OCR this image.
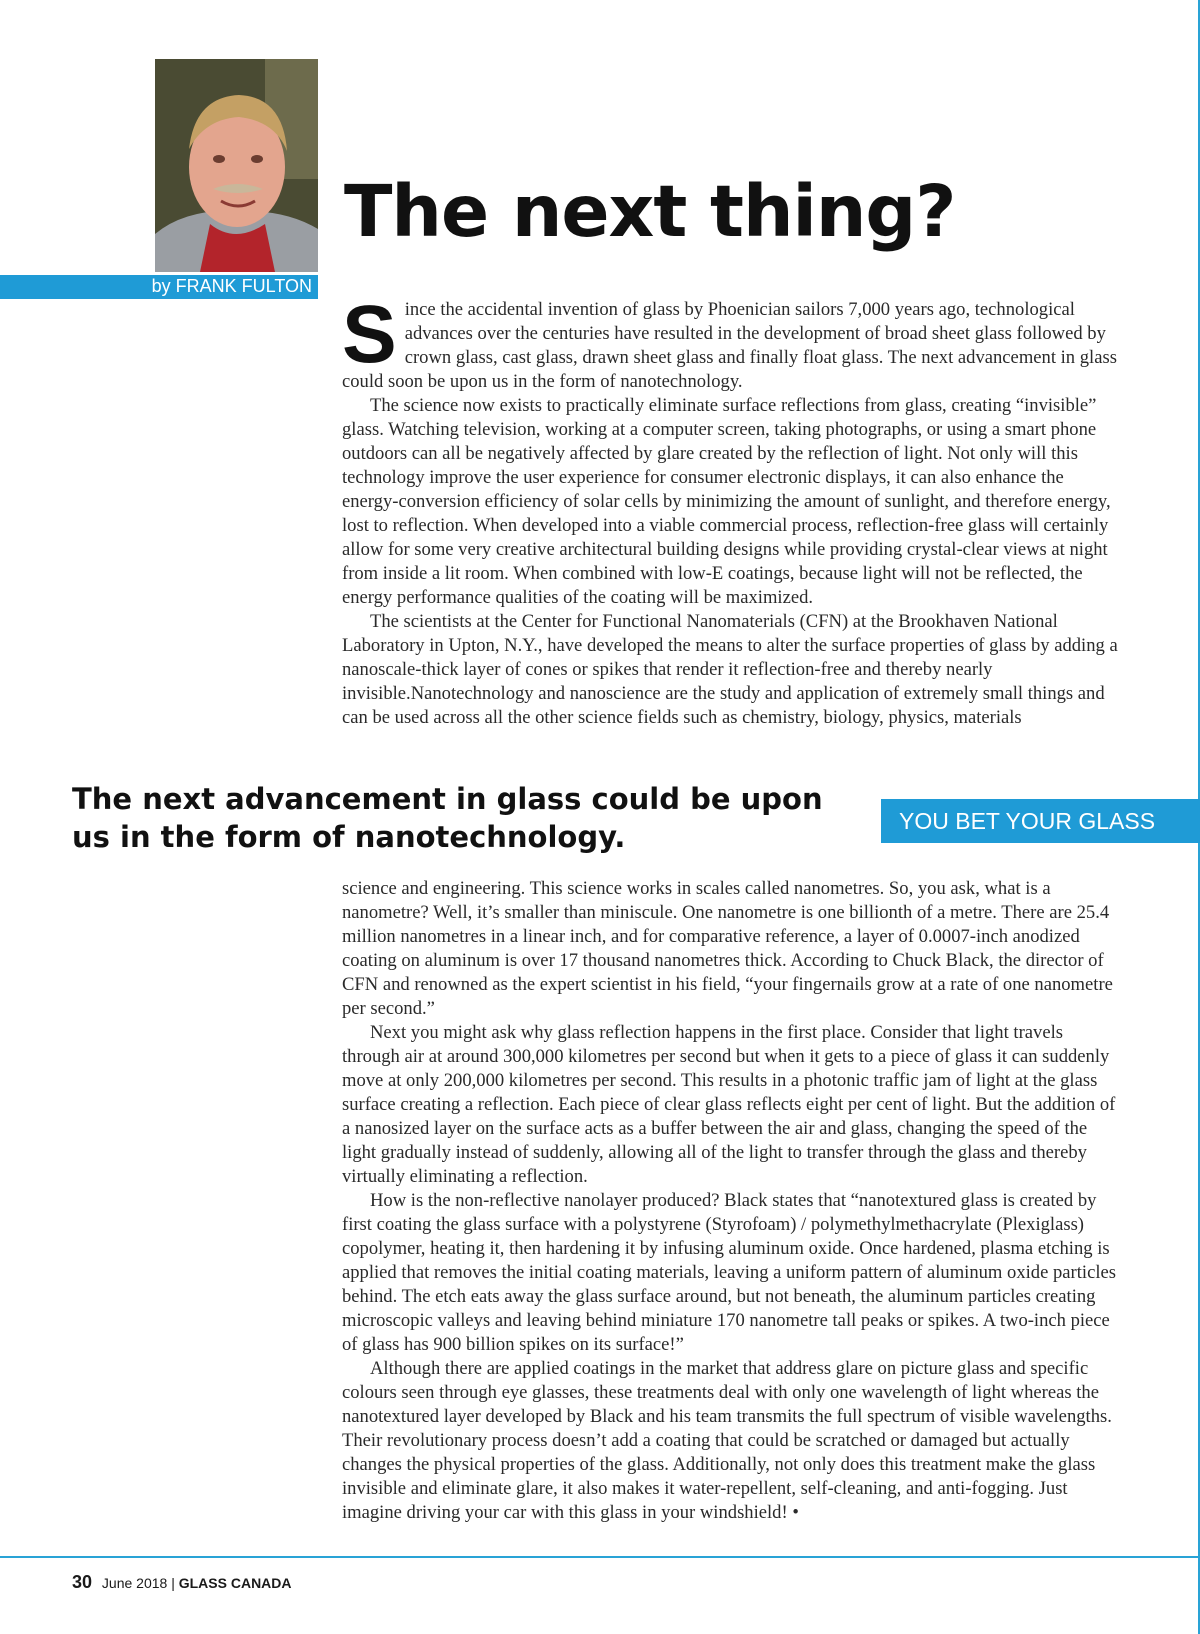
by FRANK FULTON
The next thing?

Since the accidental invention of glass by Phoenician sailors 7,000 years ago, technological advances over the centuries have resulted in the development of broad sheet glass followed by crown glass, cast glass, drawn sheet glass and finally float glass. The next advancement in glass could soon be upon us in the form of nanotechnology.

The science now exists to practically eliminate surface reflections from glass, creating “invisible” glass. Watching television, working at a computer screen, taking photographs, or using a smart phone outdoors can all be negatively affected by glare created by the reflection of light. Not only will this technology improve the user experience for consumer electronic displays, it can also enhance the energy-conversion efficiency of solar cells by minimizing the amount of sunlight, and therefore energy, lost to reflection. When developed into a viable commercial process, reflection-free glass will certainly allow for some very creative architectural building designs while providing crystal-clear views at night from inside a lit room. When combined with low-E coatings, because light will not be reflected, the energy performance qualities of the coating will be maximized.

The scientists at the Center for Functional Nanomaterials (CFN) at the Brookhaven National Laboratory in Upton, N.Y., have developed the means to alter the surface properties of glass by adding a nanoscale-thick layer of cones or spikes that render it reflection-free and thereby nearly invisible.Nanotechnology and nanoscience are the study and application of extremely small things and can be used across all the other science fields such as chemistry, biology, physics, materials

The next advancement in glass could be upon us in the form of nanotechnology.	YOU BET YOUR GLASS

science and engineering. This science works in scales called nanometres. So, you ask, what is a nanometre? Well, it’s smaller than miniscule. One nanometre is one billionth of a metre. There are 25.4 million nanometres in a linear inch, and for comparative reference, a layer of 0.0007-inch anodized coating on aluminum is over 17 thousand nanometres thick. According to Chuck Black, the director of CFN and renowned as the expert scientist in his field, “your fingernails grow at a rate of one nanometre per second.”

Next you might ask why glass reflection happens in the first place. Consider that light travels through air at around 300,000 kilometres per second but when it gets to a piece of glass it can suddenly move at only 200,000 kilometres per second. This results in a photonic traffic jam of light at the glass surface creating a reflection. Each piece of clear glass reflects eight per cent of light. But the addition of a nanosized layer on the surface acts as a buffer between the air and glass, changing the speed of the light gradually instead of suddenly, allowing all of the light to transfer through the glass and thereby virtually eliminating a reflection.

How is the non-reflective nanolayer produced? Black states that “nanotextured glass is created by first coating the glass surface with a polystyrene (Styrofoam) / polymethylmethacrylate (Plexiglass) copolymer, heating it, then hardening it by infusing aluminum oxide. Once hardened, plasma etching is applied that removes the initial coating materials, leaving a uniform pattern of aluminum oxide particles behind. The etch eats away the glass surface around, but not beneath, the aluminum particles creating microscopic valleys and leaving behind miniature 170 nanometre tall peaks or spikes. A two-inch piece of glass has 900 billion spikes on its surface!”

Although there are applied coatings in the market that address glare on picture glass and specific colours seen through eye glasses, these treatments deal with only one wavelength of light whereas the nanotextured layer developed by Black and his team transmits the full spectrum of visible wavelengths. Their revolutionary process doesn’t add a coating that could be scratched or damaged but actually changes the physical properties of the glass. Additionally, not only does this treatment make the glass invisible and eliminate glare, it also makes it water-repellent, self-cleaning, and anti-fogging. Just imagine driving your car with this glass in your windshield! •

30 June 2018 | GLASS CANADA
